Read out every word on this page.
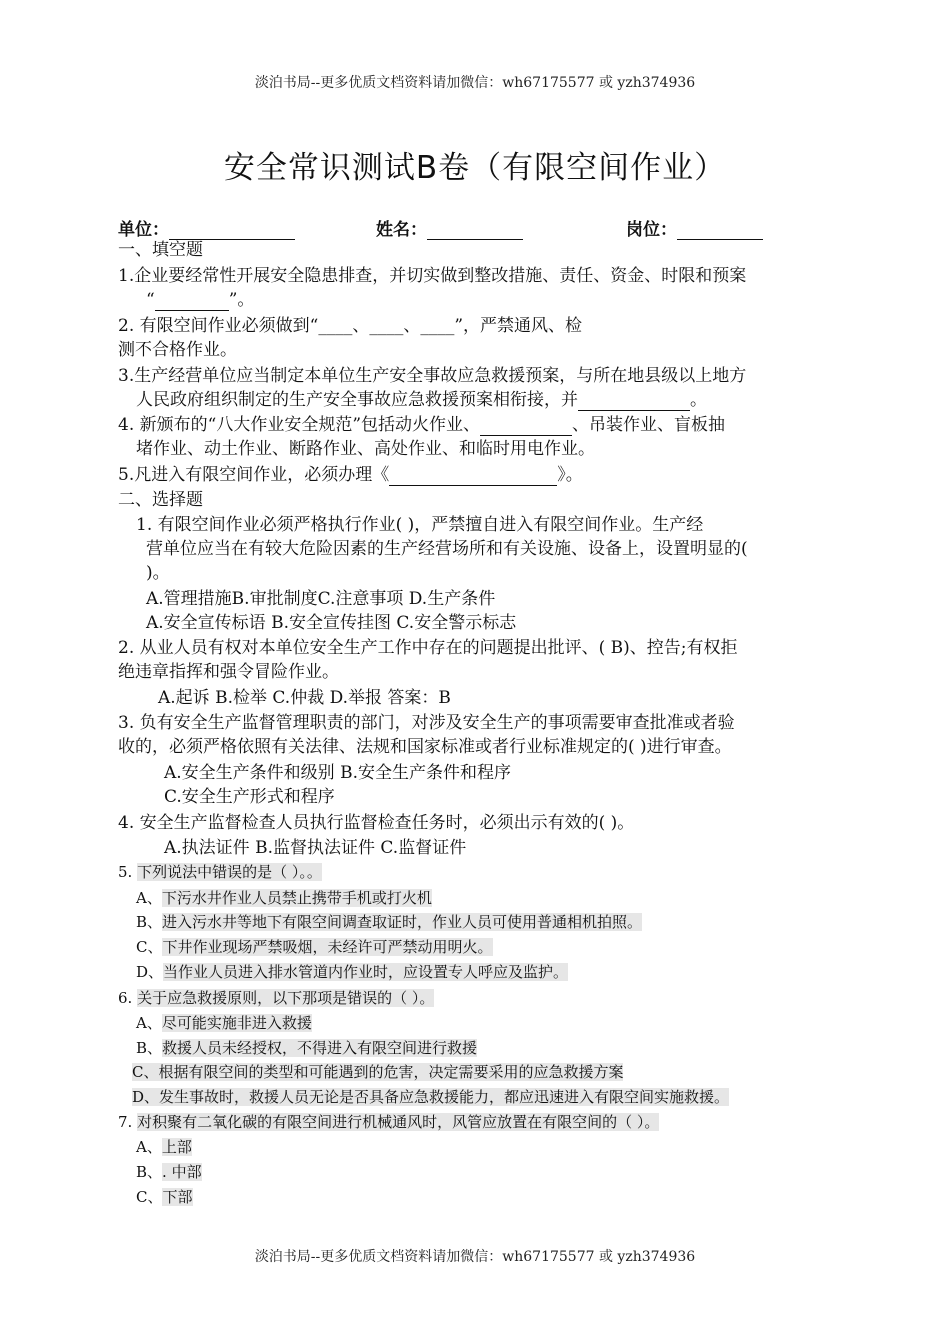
淡泊书局--更多优质文档资料请加微信：wh67175577 或 yzh374936
安全常识测试B卷（有限空间作业）
单位：	姓名：	岗位：
一、填空题
1.企业要经常性开展安全隐患排查，并切实做到整改措施、责任、资金、时限和预案
“	”。
2. 有限空间作业必须做到“____、____、____”，严禁通风、检
测不合格作业。
3.生产经营单位应当制定本单位生产安全事故应急救援预案，与所在地县级以上地方
人民政府组织制定的生产安全事故应急救援预案相衔接，并	。
4. 新颁布的“八大作业安全规范”包括动火作业、	、吊装作业、盲板抽
堵作业、动土作业、断路作业、高处作业、和临时用电作业。
5.凡进入有限空间作业，必须办理《	》。
二、选择题
1. 有限空间作业必须严格执行作业( )，严禁擅自进入有限空间作业。生产经
营单位应当在有较大危险因素的生产经营场所和有关设施、设备上，设置明显的(
)。
A.管理措施B.审批制度C.注意事项 D.生产条件
A.安全宣传标语 B.安全宣传挂图 C.安全警示标志
2. 从业人员有权对本单位安全生产工作中存在的问题提出批评、( B)、控告;有权拒
绝违章指挥和强令冒险作业。
A.起诉 B.检举 C.仲裁 D.举报 答案：B
3. 负有安全生产监督管理职责的部门，对涉及安全生产的事项需要审查批准或者验
收的，必须严格依照有关法律、法规和国家标准或者行业标准规定的( )进行审查。
A.安全生产条件和级别 B.安全生产条件和程序
C.安全生产形式和程序
4. 安全生产监督检查人员执行监督检查任务时，必须出示有效的( )。
A.执法证件 B.监督执法证件 C.监督证件
5. 下列说法中错误的是（ ）。。
A、下污水井作业人员禁止携带手机或打火机
B、进入污水井等地下有限空间调查取证时，作业人员可使用普通相机拍照。
C、下井作业现场严禁吸烟，未经许可严禁动用明火。
D、当作业人员进入排水管道内作业时，应设置专人呼应及监护。
6. 关于应急救援原则，以下那项是错误的（ ）。
A、尽可能实施非进入救援
B、救援人员未经授权，不得进入有限空间进行救援
C、根据有限空间的类型和可能遇到的危害，决定需要采用的应急救援方案
D、发生事故时，救援人员无论是否具备应急救援能力，都应迅速进入有限空间实施救援。
7. 对积聚有二氧化碳的有限空间进行机械通风时，风管应放置在有限空间的（ ）。
A、上部
B、. 中部
C、下部
淡泊书局--更多优质文档资料请加微信：wh67175577 或 yzh374936
